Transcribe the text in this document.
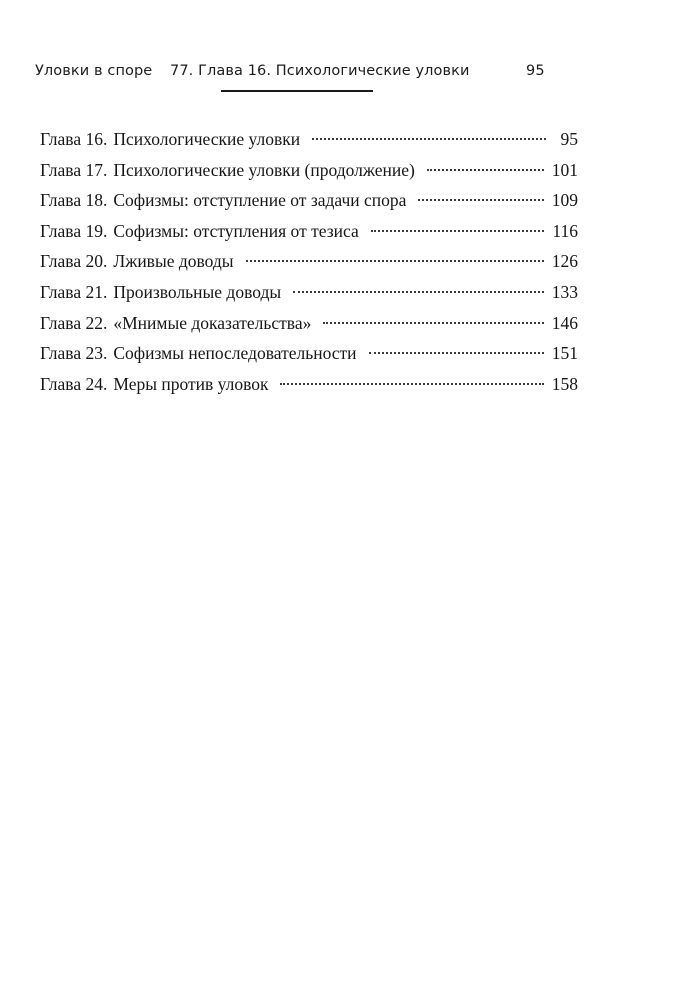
Уловки в споре 77. Глава 16. Психологические уловки	95
Глава 16. Психологические уловки	95
Глава 17. Психологические уловки (продолжение)	101
Глава 18. Софизмы: отступление от задачи спора	109
Глава 19. Софизмы: отступления от тезиса	116
Глава 20. Лживые доводы	126
Глава 21. Произвольные доводы	133
Глава 22. «Мнимые доказательства»	146
Глава 23. Софизмы непоследовательности	151
Глава 24. Меры против уловок	158
